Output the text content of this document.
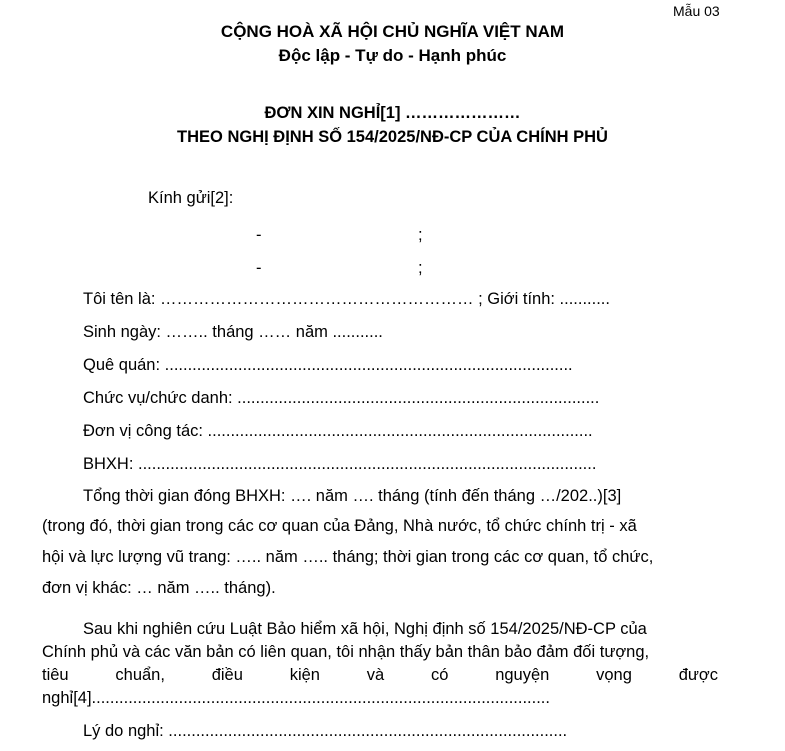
Mẫu 03
CỘNG HOÀ XÃ HỘI CHỦ NGHĨA VIỆT NAM
Độc lập - Tự do - Hạnh phúc
ĐƠN XIN NGHỈ[1] …………………
THEO NGHỊ ĐỊNH SỐ 154/2025/NĐ-CP CỦA CHÍNH PHỦ
Kính gửi[2]:
-	;
-	;
Tôi tên là: ………………………………………………… ; Giới tính: ...........
Sinh ngày: …….. tháng …… năm ...........
Quê quán: .........................................................................................
Chức vụ/chức danh: ...............................................................................
Đơn vị công tác: ....................................................................................
BHXH: ....................................................................................................
Tổng thời gian đóng BHXH: …. năm …. tháng (tính đến tháng …/202..)[3]
(trong đó, thời gian trong các cơ quan của Đảng, Nhà nước, tổ chức chính trị - xã
hội và lực lượng vũ trang: ….. năm ….. tháng; thời gian trong các cơ quan, tổ chức,
đơn vị khác: … năm ….. tháng).
Sau khi nghiên cứu Luật Bảo hiểm xã hội, Nghị định số 154/2025/NĐ-CP của
Chính phủ và các văn bản có liên quan, tôi nhận thấy bản thân bảo đảm đối tượng,
tiêu	chuẩn,	điều	kiện	và	có	nguyện	vọng	được
nghỉ[4]....................................................................................................
Lý do nghỉ: .......................................................................................
